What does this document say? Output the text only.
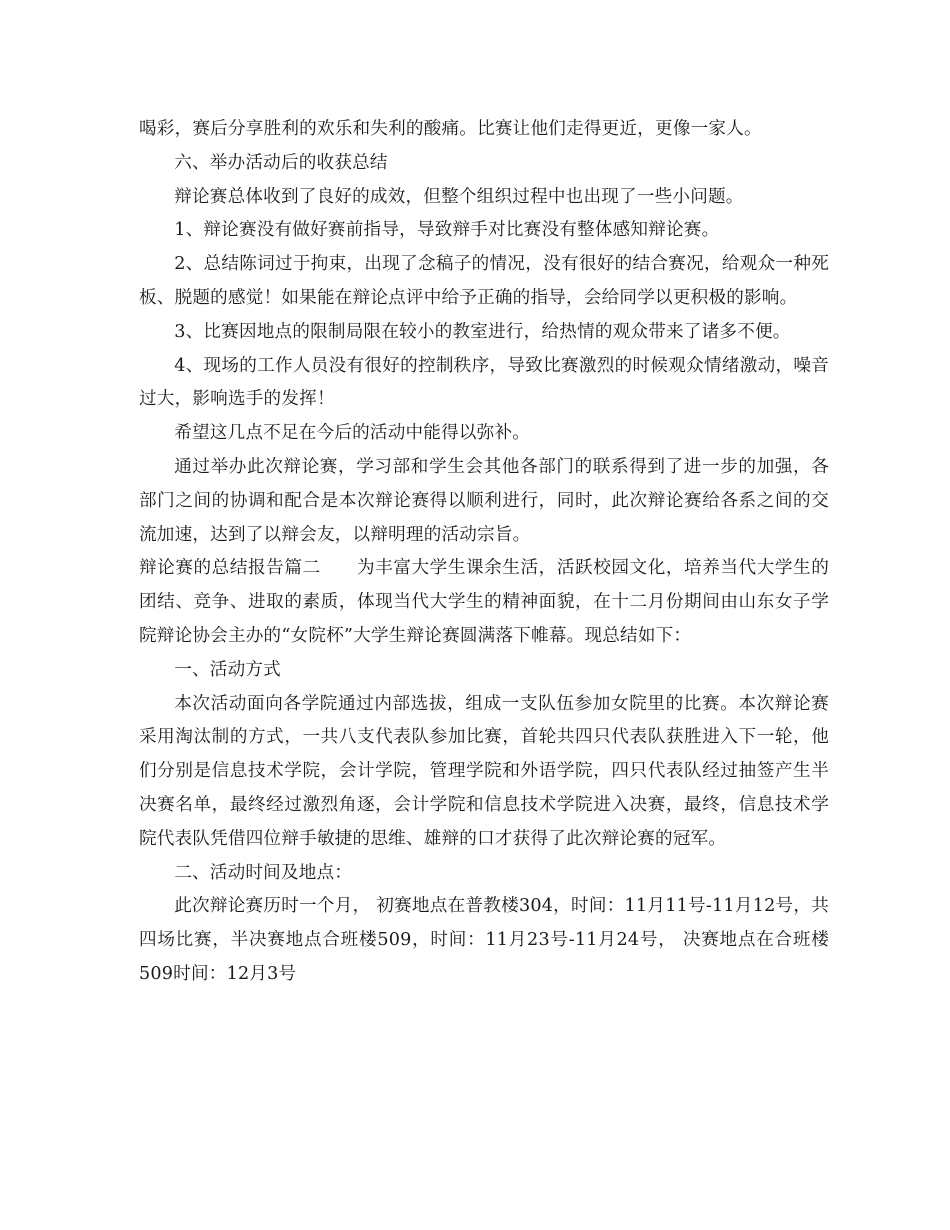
喝彩，赛后分享胜利的欢乐和失利的酸痛。比赛让他们走得更近，更像一家人。

六、举办活动后的收获总结

辩论赛总体收到了良好的成效，但整个组织过程中也出现了一些小问题。

1、辩论赛没有做好赛前指导，导致辩手对比赛没有整体感知辩论赛。

2、总结陈词过于拘束，出现了念稿子的情况，没有很好的结合赛况，给观众一种死板、脱题的感觉！如果能在辩论点评中给予正确的指导，会给同学以更积极的影响。

3、比赛因地点的限制局限在较小的教室进行，给热情的观众带来了诸多不便。

4、现场的工作人员没有很好的控制秩序，导致比赛激烈的时候观众情绪激动，噪音过大，影响选手的发挥！

希望这几点不足在今后的活动中能得以弥补。

通过举办此次辩论赛，学习部和学生会其他各部门的联系得到了进一步的加强，各部门之间的协调和配合是本次辩论赛得以顺利进行，同时，此次辩论赛给各系之间的交流加速，达到了以辩会友，以辩明理的活动宗旨。

辩论赛的总结报告篇二　　为丰富大学生课余生活，活跃校园文化，培养当代大学生的团结、竞争、进取的素质，体现当代大学生的精神面貌，在十二月份期间由山东女子学院辩论协会主办的“女院杯”大学生辩论赛圆满落下帷幕。现总结如下：

一、活动方式

本次活动面向各学院通过内部选拔，组成一支队伍参加女院里的比赛。本次辩论赛采用淘汰制的方式，一共八支代表队参加比赛，首轮共四只代表队获胜进入下一轮，他们分别是信息技术学院，会计学院，管理学院和外语学院，四只代表队经过抽签产生半决赛名单，最终经过激烈角逐，会计学院和信息技术学院进入决赛，最终，信息技术学院代表队凭借四位辩手敏捷的思维、雄辩的口才获得了此次辩论赛的冠军。

二、活动时间及地点：

此次辩论赛历时一个月， 初赛地点在普教楼304，时间：11月11号-11月12号，共四场比赛，半决赛地点合班楼509，时间：11月23号-11月24号， 决赛地点在合班楼509时间：12月3号
